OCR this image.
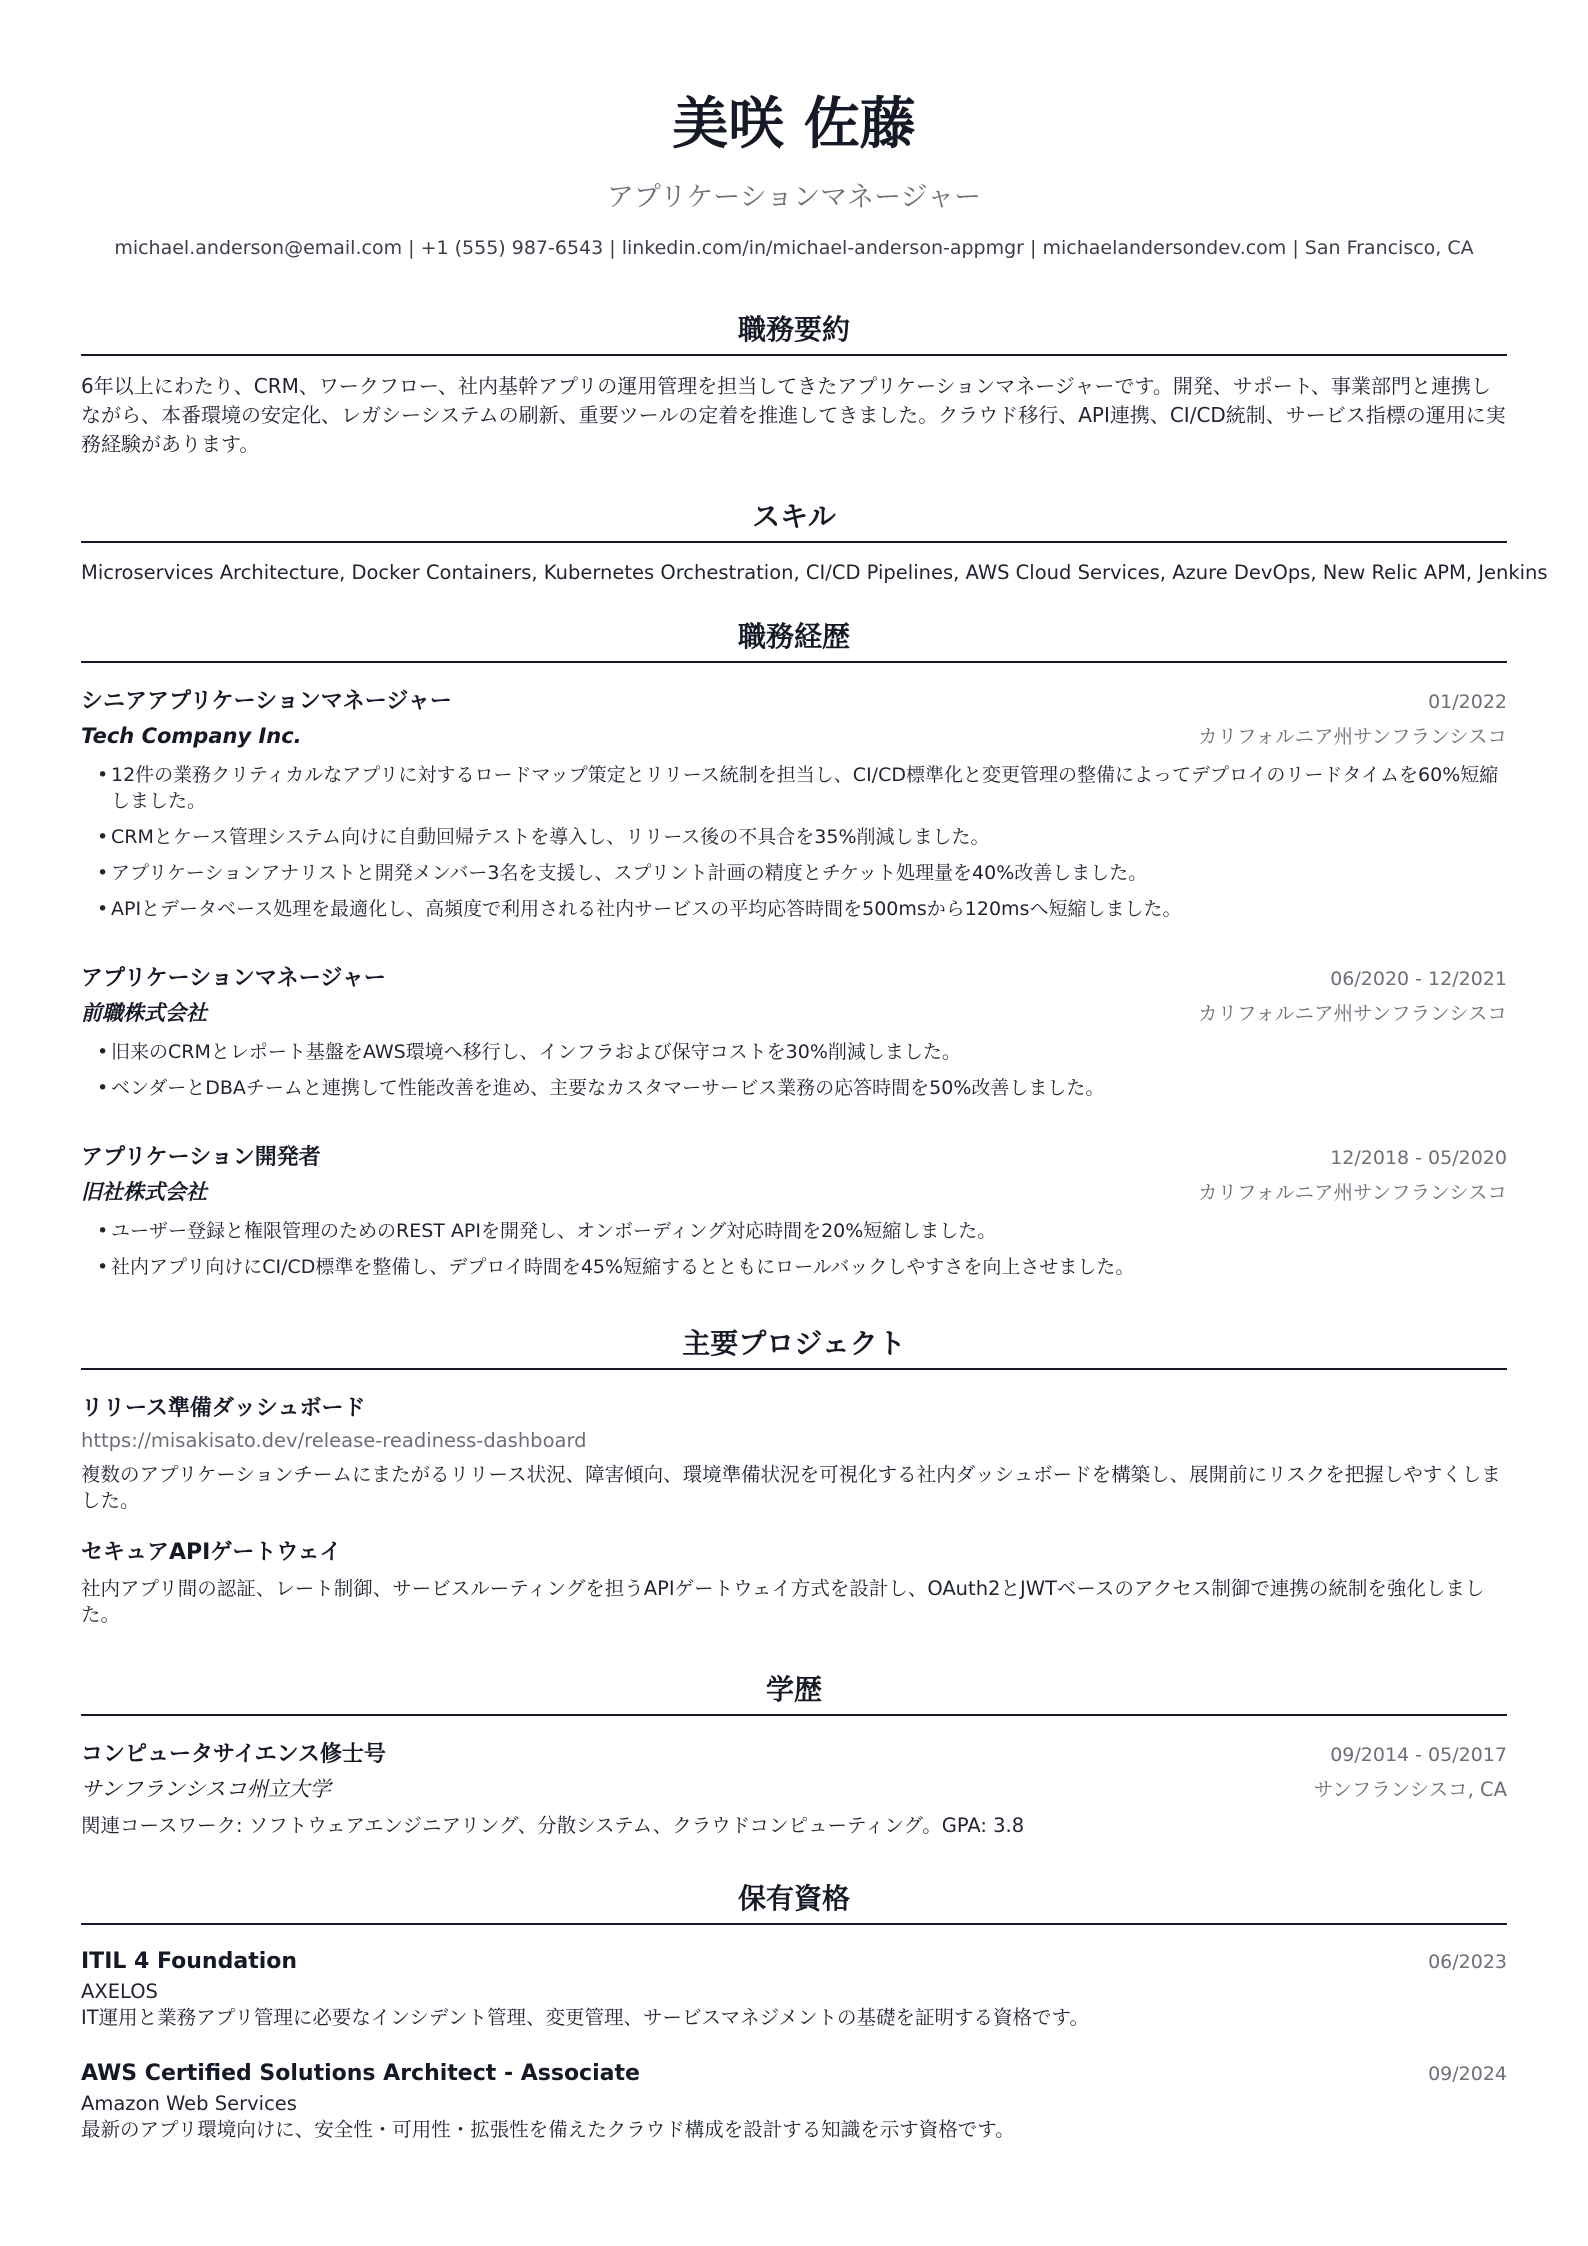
美咲 佐藤
アプリケーションマネージャー
michael.anderson@email.com | +1 (555) 987-6543 | linkedin.com/in/michael-anderson-appmgr | michaelandersondev.com | San Francisco, CA
職務要約
6年以上にわたり、CRM、ワークフロー、社内基幹アプリの運用管理を担当してきたアプリケーションマネージャーです。開発、サポート、事業部門と連携しながら、本番環境の安定化、レガシーシステムの刷新、重要ツールの定着を推進してきました。クラウド移行、API連携、CI/CD統制、サービス指標の運用に実務経験があります。
スキル
Microservices Architecture, Docker Containers, Kubernetes Orchestration, CI/CD Pipelines, AWS Cloud Services, Azure DevOps, New Relic APM, Jenkins
職務経歴
シニアアプリケーションマネージャー	01/2022
Tech Company Inc.	カリフォルニア州サンフランシスコ
• 12件の業務クリティカルなアプリに対するロードマップ策定とリリース統制を担当し、CI/CD標準化と変更管理の整備によってデプロイのリードタイムを60%短縮しました。
• CRMとケース管理システム向けに自動回帰テストを導入し、リリース後の不具合を35%削減しました。
• アプリケーションアナリストと開発メンバー3名を支援し、スプリント計画の精度とチケット処理量を40%改善しました。
• APIとデータベース処理を最適化し、高頻度で利用される社内サービスの平均応答時間を500msから120msへ短縮しました。
アプリケーションマネージャー	06/2020 - 12/2021
前職株式会社	カリフォルニア州サンフランシスコ
• 旧来のCRMとレポート基盤をAWS環境へ移行し、インフラおよび保守コストを30%削減しました。
• ベンダーとDBAチームと連携して性能改善を進め、主要なカスタマーサービス業務の応答時間を50%改善しました。
アプリケーション開発者	12/2018 - 05/2020
旧社株式会社	カリフォルニア州サンフランシスコ
• ユーザー登録と権限管理のためのREST APIを開発し、オンボーディング対応時間を20%短縮しました。
• 社内アプリ向けにCI/CD標準を整備し、デプロイ時間を45%短縮するとともにロールバックしやすさを向上させました。
主要プロジェクト
リリース準備ダッシュボード
https://misakisato.dev/release-readiness-dashboard
複数のアプリケーションチームにまたがるリリース状況、障害傾向、環境準備状況を可視化する社内ダッシュボードを構築し、展開前にリスクを把握しやすくしました。
セキュアAPIゲートウェイ
社内アプリ間の認証、レート制御、サービスルーティングを担うAPIゲートウェイ方式を設計し、OAuth2とJWTベースのアクセス制御で連携の統制を強化しました。
学歴
コンピュータサイエンス修士号	09/2014 - 05/2017
サンフランシスコ州立大学	サンフランシスコ, CA
関連コースワーク: ソフトウェアエンジニアリング、分散システム、クラウドコンピューティング。GPA: 3.8
保有資格
ITIL 4 Foundation	06/2023
AXELOS
IT運用と業務アプリ管理に必要なインシデント管理、変更管理、サービスマネジメントの基礎を証明する資格です。
AWS Certified Solutions Architect - Associate	09/2024
Amazon Web Services
最新のアプリ環境向けに、安全性・可用性・拡張性を備えたクラウド構成を設計する知識を示す資格です。
